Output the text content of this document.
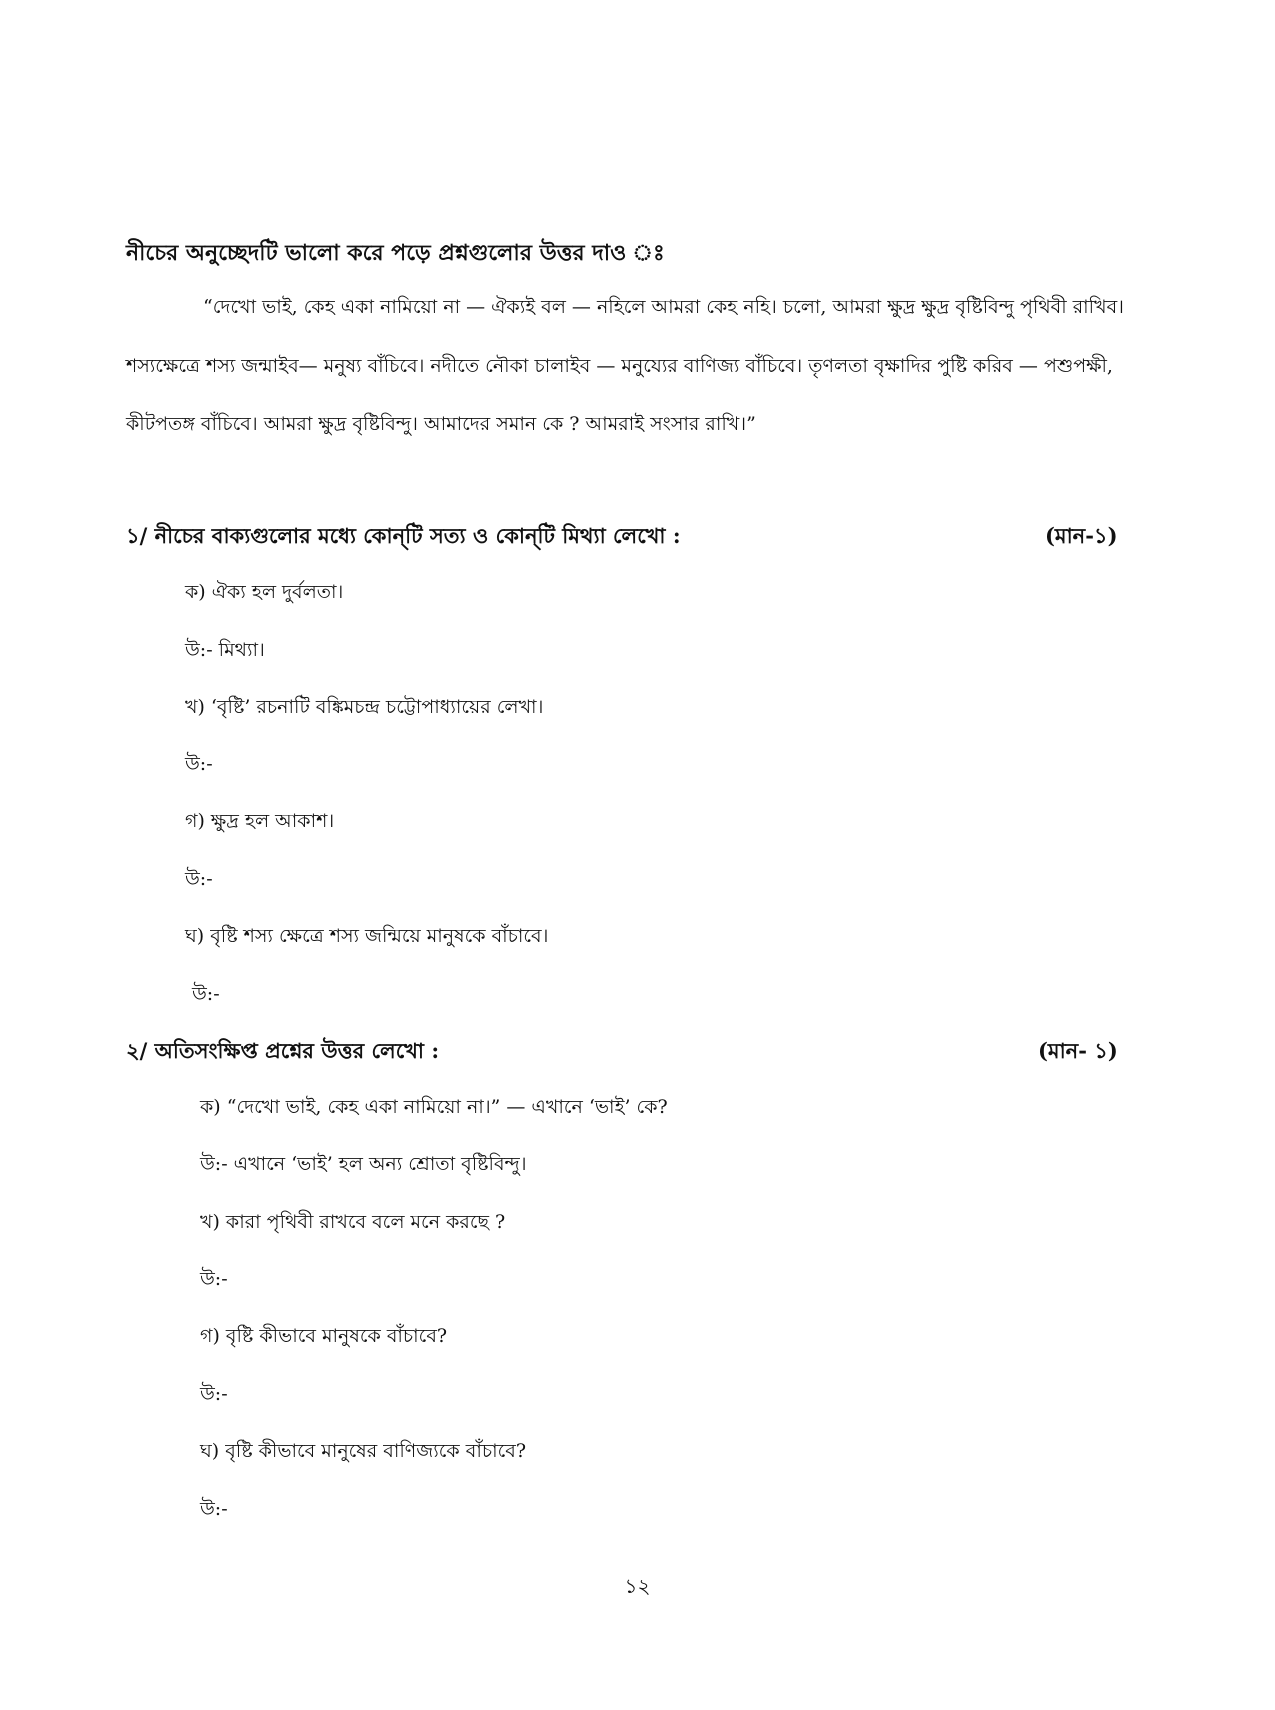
নীচের অনুচ্ছেদটি ভালো করে পড়ে প্রশ্নগুলোর উত্তর দাও ঃ
“দেখো ভাই, কেহ একা নামিয়ো না — ঐক্যই বল — নহিলে আমরা কেহ নহি। চলো, আমরা ক্ষুদ্র ক্ষুদ্র বৃষ্টিবিন্দু পৃথিবী রাখিব।
শস্যক্ষেত্রে শস্য জন্মাইব— মনুষ্য বাঁচিবে। নদীতে নৌকা চালাইব — মনুয্যের বাণিজ্য বাঁচিবে। তৃণলতা বৃক্ষাদির পুষ্টি করিব — পশুপক্ষী,
কীটপতঙ্গ বাঁচিবে। আমরা ক্ষুদ্র বৃষ্টিবিন্দু। আমাদের সমান কে ? আমরাই সংসার রাখি।”
১/ নীচের বাক্যগুলোর মধ্যে কোন্‌টি সত্য ও কোন্‌টি মিথ্যা লেখো :	(মান-১)
ক) ঐক্য হল দুর্বলতা।
উ:- মিথ্যা।
খ) ‘বৃষ্টি’ রচনাটি বঙ্কিমচন্দ্র চট্টোপাধ্যায়ের লেখা।
উ:-
গ) ক্ষুদ্র হল আকাশ।
উ:-
ঘ) বৃষ্টি শস্য ক্ষেত্রে শস্য জন্মিয়ে মানুষকে বাঁচাবে।
উ:-
২/ অতিসংক্ষিপ্ত প্রশ্নের উত্তর লেখো :	(মান- ১)
ক) “দেখো ভাই, কেহ একা নামিয়ো না।” — এখানে ‘ভাই’ কে?
উ:- এখানে ‘ভাই’ হল অন্য শ্রোতা বৃষ্টিবিন্দু।
খ) কারা পৃথিবী রাখবে বলে মনে করছে ?
উ:-
গ) বৃষ্টি কীভাবে মানুষকে বাঁচাবে?
উ:-
ঘ) বৃষ্টি কীভাবে মানুষের বাণিজ্যকে বাঁচাবে?
উ:-
১২
